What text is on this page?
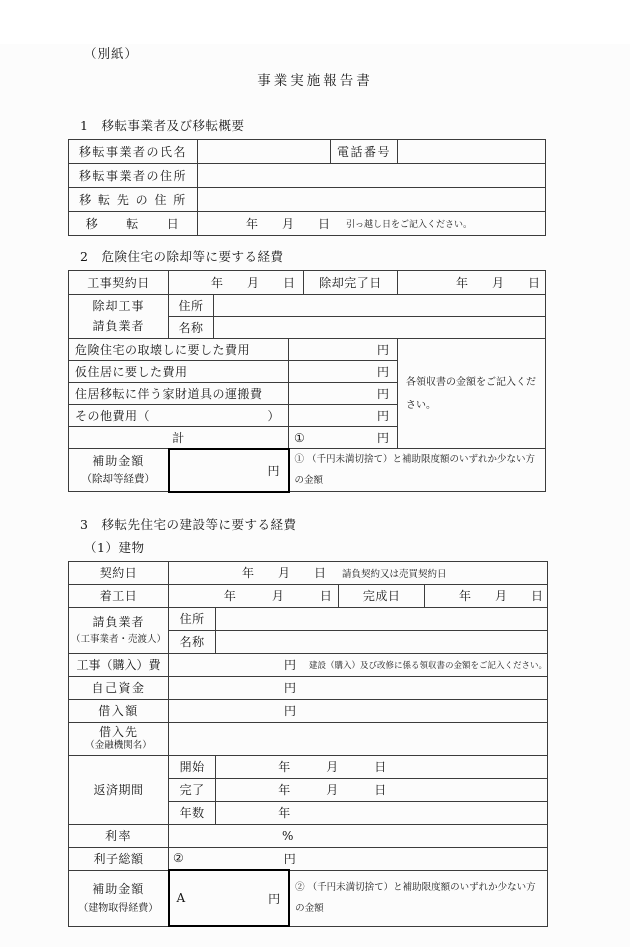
（別紙）
事業実施報告書
1　移転事業者及び移転概要
移転事業者の氏名		電話番号	
移転事業者の住所			
移 転 先 の 住 所			
移　　転　　日	年　　月　　日 引っ越し日をご記入ください。		
2　危険住宅の除却等に要する経費
工事契約日	年　　月　　日			除却完了日	年　　月　　日

除却工事
請負業者	住所				
	名称				
危険住宅の取壊しに要した費用			円		各領収書の金額をご記入くだ
さい。
仮住居に要した費用			円		
住居移転に伴う家財道具の運搬費			円		

その他費用（ ）			円		
計			① 円		

補助金額
（除却等経費）	円		① （千円未満切捨て）と補助限度額のいずれか少ない方
の金額		
3　移転先住宅の建設等に要する経費
（1）建物
契約日	年　　月　　日 請負契約又は売買契約日				

着工日	年　　　月　　　日			完成日	年　　月　　日

請負業者
（工事業者・売渡人）	住所				
	名称				
工事（購入）費	円 建設（購入）及び改修に係る領収書の金額をご記入ください。				

自己資金	円				
借入額	円				

借入先
（金融機関名）					

返済期間	開始	年　　　月　　　日			
	完了	年　　　月　　　日			
	年数	年			
利率	%				
利子総額	② 円				

補助金額
（建物取得経費）	A 円		② （千円未満切捨て）と補助限度額のいずれか少ない方
の金額		
